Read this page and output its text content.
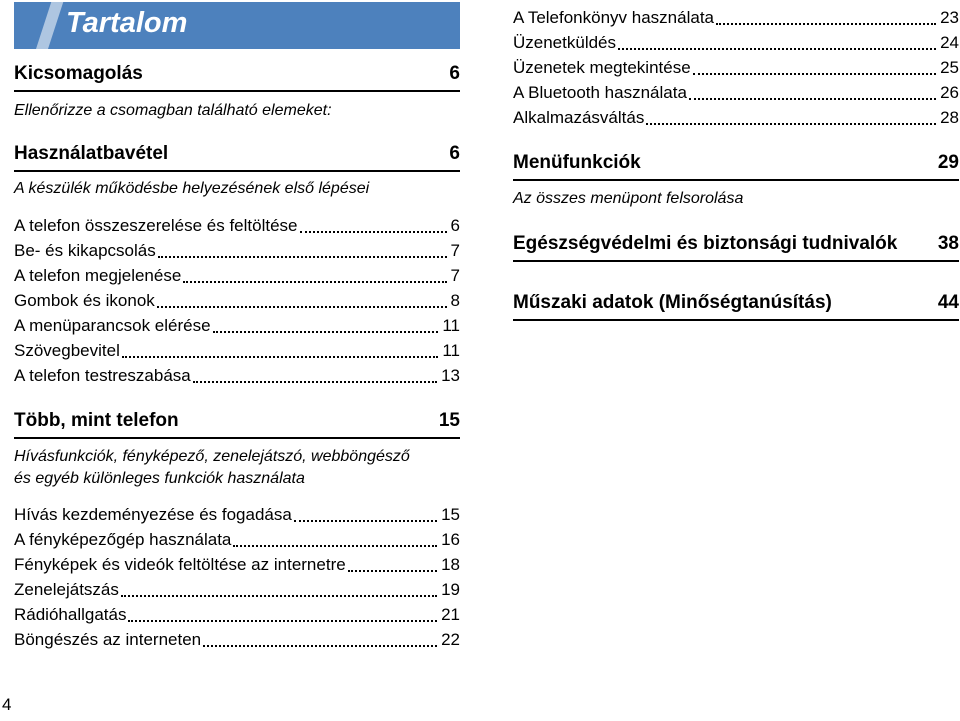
Tartalom
Kicsomagolás	6
Ellenőrizze a csomagban található elemeket:
Használatbavétel	6
A készülék működésbe helyezésének első lépései
A telefon összeszerelése és feltöltése	6
Be- és kikapcsolás	7
A telefon megjelenése	7
Gombok és ikonok	8
A menüparancsok elérése	11
Szövegbevitel	11
A telefon testreszabása	13
Több, mint telefon	15
Hívásfunkciók, fényképező, zenelejátszó, webböngésző
és egyéb különleges funkciók használata
Hívás kezdeményezése és fogadása	15
A fényképezőgép használata	16
Fényképek és videók feltöltése az internetre	18
Zenelejátszás	19
Rádióhallgatás	21
Böngészés az interneten	22
A Telefonkönyv használata	23
Üzenetküldés	24
Üzenetek megtekintése	25
A Bluetooth használata	26
Alkalmazásváltás	28
Menüfunkciók	29
Az összes menüpont felsorolása
Egészségvédelmi és biztonsági tudnivalók 38
Műszaki adatok (Minőségtanúsítás)	44
4
